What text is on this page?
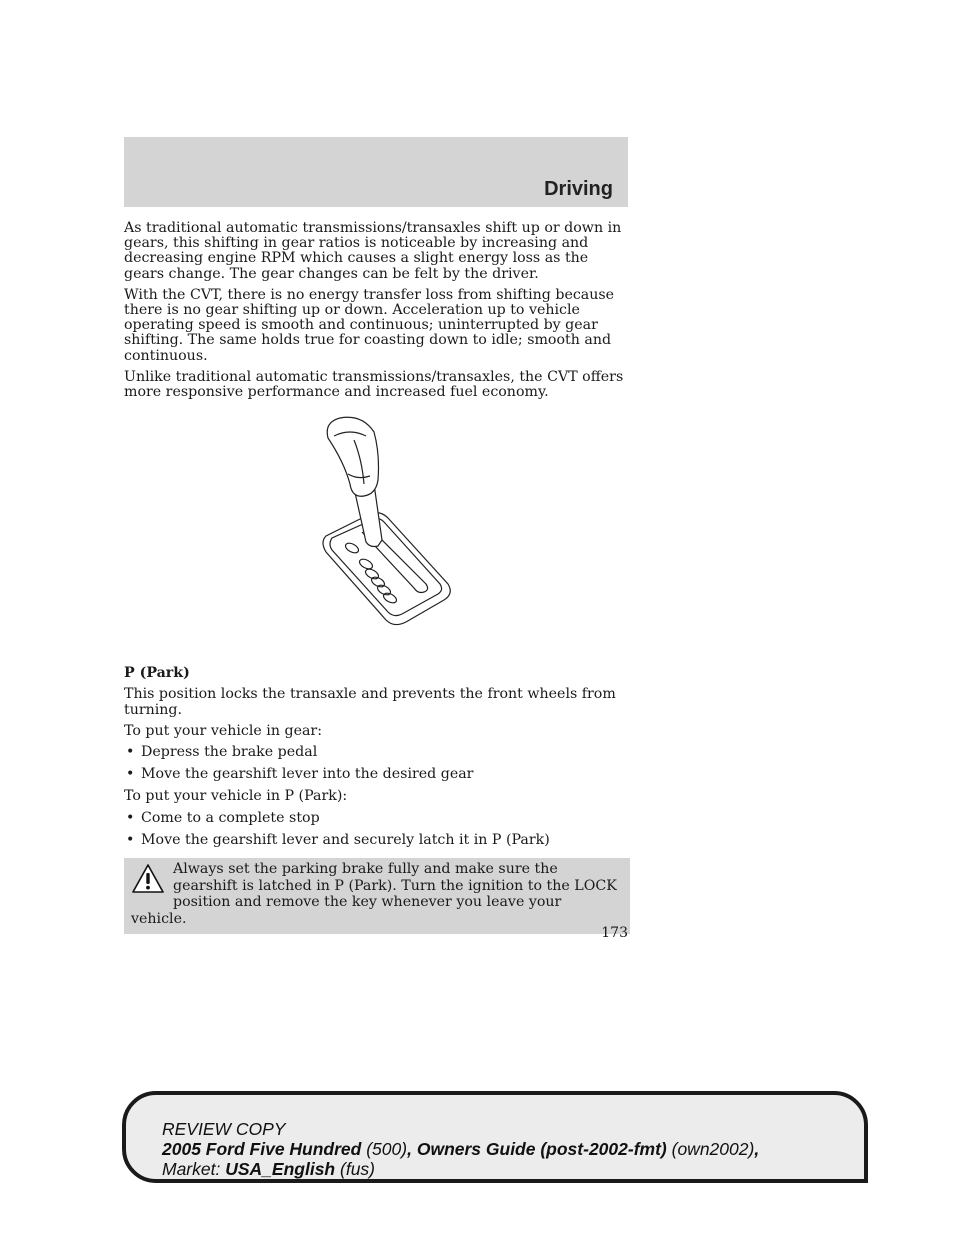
Driving

As traditional automatic transmissions/transaxles shift up or down in gears, this shifting in gear ratios is noticeable by increasing and decreasing engine RPM which causes a slight energy loss as the gears change. The gear changes can be felt by the driver.

With the CVT, there is no energy transfer loss from shifting because there is no gear shifting up or down. Acceleration up to vehicle operating speed is smooth and continuous; uninterrupted by gear shifting. The same holds true for coasting down to idle; smooth and continuous.

Unlike traditional automatic transmissions/transaxles, the CVT offers more responsive performance and increased fuel economy.

P (Park)

This position locks the transaxle and prevents the front wheels from turning.

To put your vehicle in gear:

• Depress the brake pedal
• Move the gearshift lever into the desired gear

To put your vehicle in P (Park):

• Come to a complete stop
• Move the gearshift lever and securely latch it in P (Park)
Always set the parking brake fully and make sure the gearshift is latched in P (Park). Turn the ignition to the LOCK position and remove the key whenever you leave your vehicle.
173
REVIEW COPY
2005 Ford Five Hundred (500), Owners Guide (post-2002-fmt) (own2002),
Market: USA_English (fus)
